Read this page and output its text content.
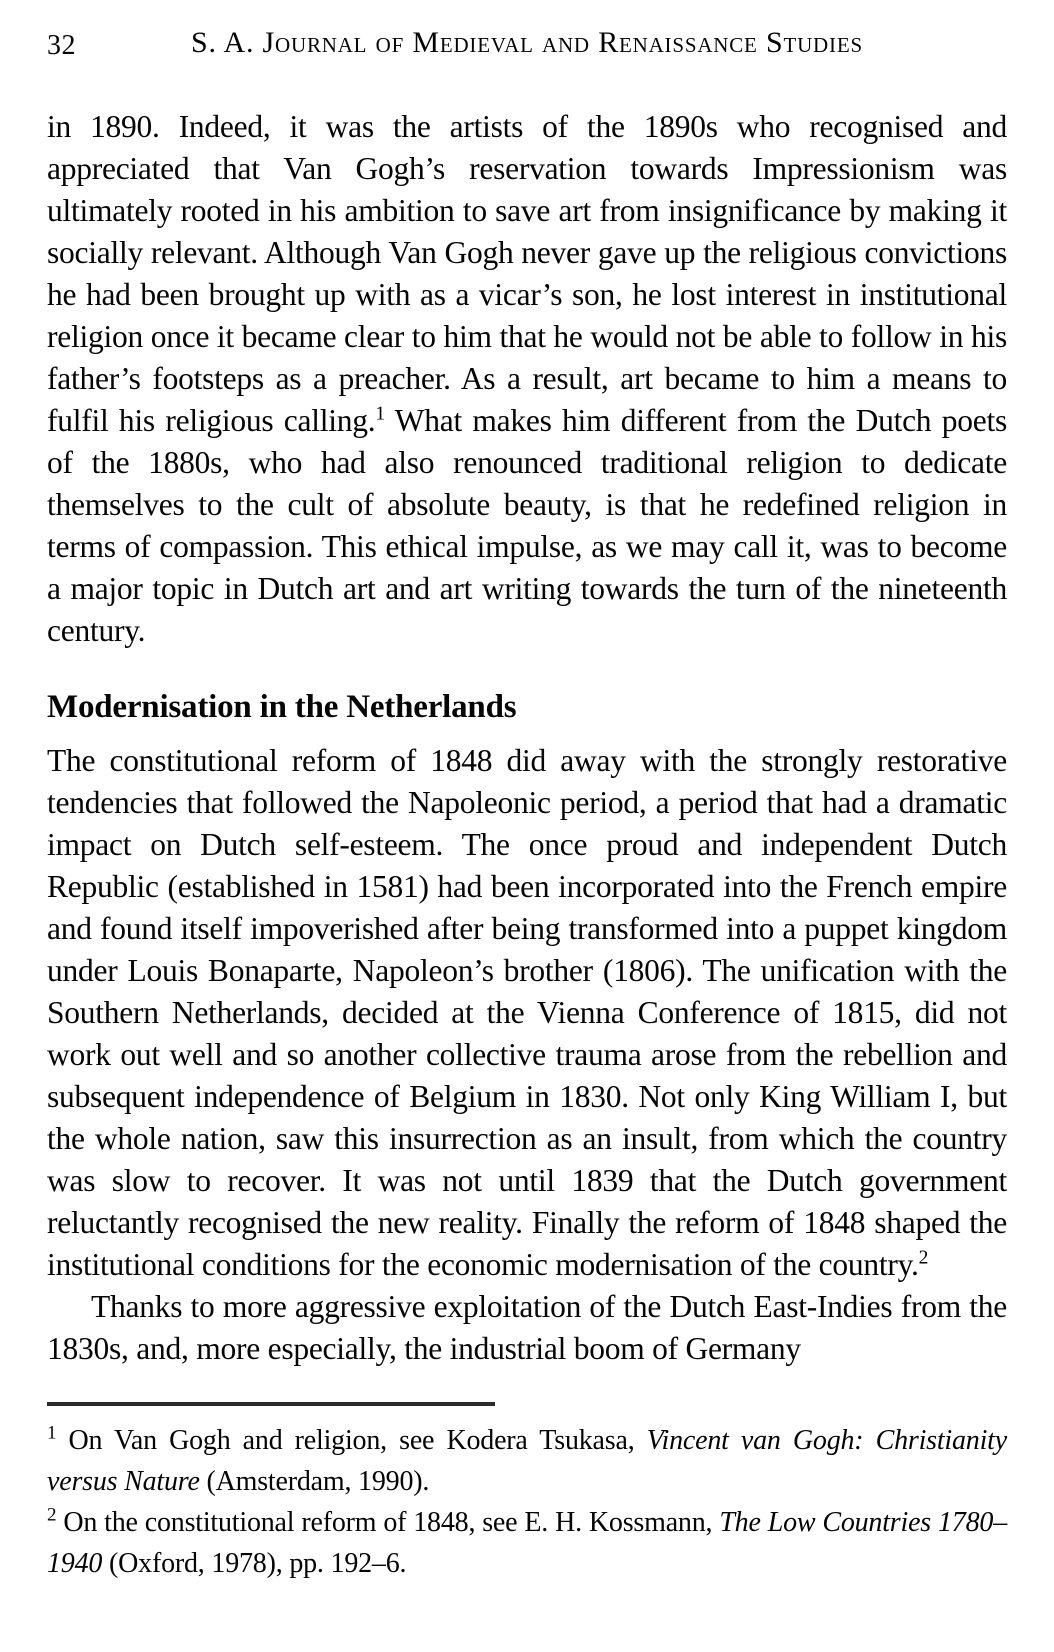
32	S. A. Journal of Medieval and Renaissance Studies

in 1890. Indeed, it was the artists of the 1890s who recognised and appreciated that Van Gogh’s reservation towards Impressionism was ultimately rooted in his ambition to save art from insignificance by making it socially relevant. Although Van Gogh never gave up the religious convictions he had been brought up with as a vicar’s son, he lost interest in institutional religion once it became clear to him that he would not be able to follow in his father’s footsteps as a preacher. As a result, art became to him a means to fulfil his religious calling.$^1$ What makes him different from the Dutch poets of the 1880s, who had also renounced traditional religion to dedicate themselves to the cult of absolute beauty, is that he redefined religion in terms of compassion. This ethical impulse, as we may call it, was to become a major topic in Dutch art and art writing towards the turn of the nineteenth century.

Modernisation in the Netherlands

The constitutional reform of 1848 did away with the strongly restorative tendencies that followed the Napoleonic period, a period that had a dramatic impact on Dutch self-esteem. The once proud and independent Dutch Republic (established in 1581) had been incorporated into the French empire and found itself impoverished after being transformed into a puppet kingdom under Louis Bonaparte, Napoleon’s brother (1806). The unification with the Southern Netherlands, decided at the Vienna Conference of 1815, did not work out well and so another collective trauma arose from the rebellion and subsequent independence of Belgium in 1830. Not only King William I, but the whole nation, saw this insurrection as an insult, from which the country was slow to recover. It was not until 1839 that the Dutch government reluctantly recognised the new reality. Finally the reform of 1848 shaped the institutional conditions for the economic modernisation of the country.$^2$

Thanks to more aggressive exploitation of the Dutch East-Indies from the 1830s, and, more especially, the industrial boom of Germany

$^1$ On Van Gogh and religion, see Kodera Tsukasa, Vincent van Gogh: Christianity versus Nature (Amsterdam, 1990).

$^2$ On the constitutional reform of 1848, see E. H. Kossmann, The Low Countries 1780–1940 (Oxford, 1978), pp. 192–6.
